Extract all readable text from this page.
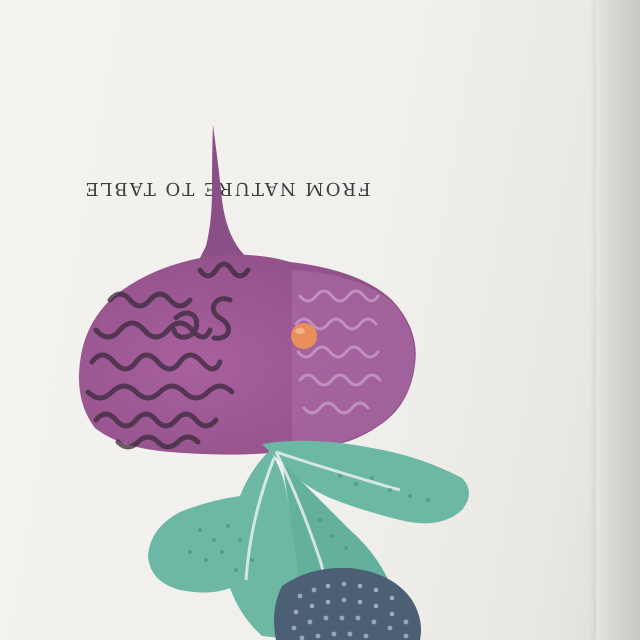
FROM NATURE TO TABLE
